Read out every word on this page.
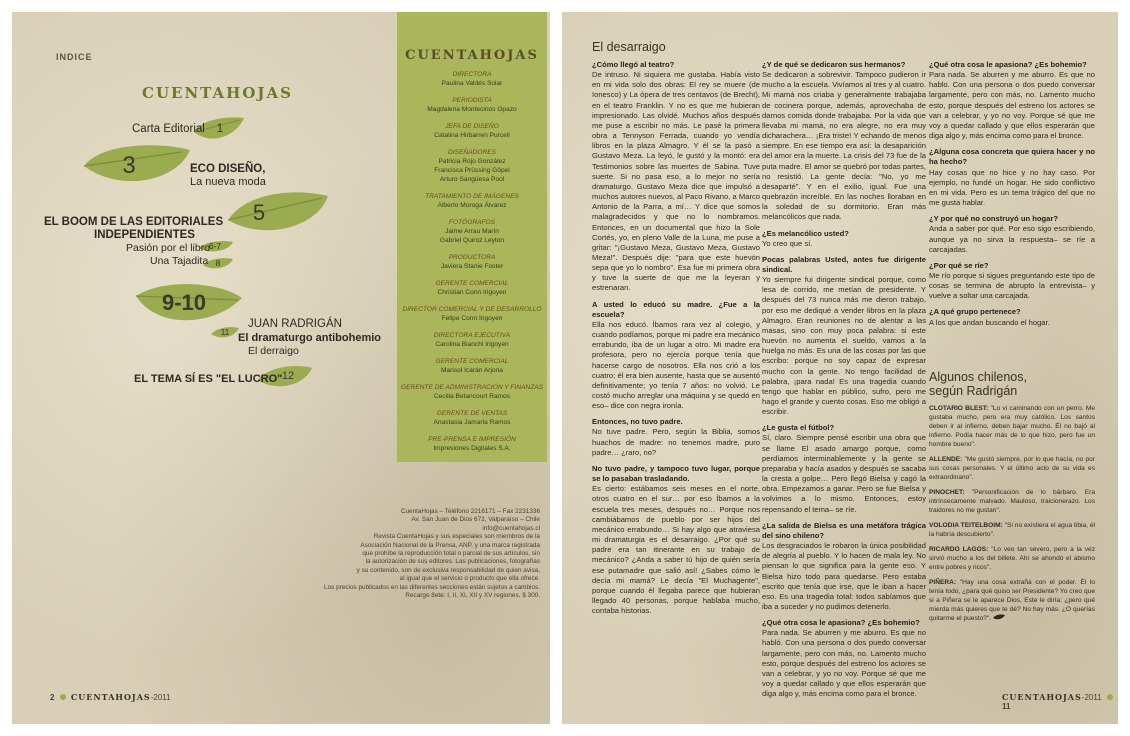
INDICE
CUENTAHOJAS
1
Carta Editorial
3	ECO DISEÑO,
La nueva moda
5
EL BOOM DE LAS EDITORIALES
INDEPENDIENTES
6-7
Pasión por el libro
8
Una Tajadita
9-10
JUAN RADRIGÁN
El dramaturgo antibohemio
11
El derraigo
12
EL TEMA SÍ ES "EL LUCRO"
CUENTAHOJAS
DIRECTORA
Paulina Valdés Solar
PERIODISTA
Magdalena Montecinos Opazo
JEFA DE DISEÑO
Catalina Hirbarren Purcell
DISEÑADORES
Patricia Rojo González
Francisca Prüssing Göpel
Arturo Sangüesa Pool
TRATAMIENTO DE IMÁGENES
Alberto Moroga Álvarez
FOTÓGRAFOS
Jaime Arrau Marín
Gabriel Quiroz Leyton
PRODUCTORA
Javiera Stanie Foster
GERENTE COMERCIAL
Christian Conn Irigoyen
DIRECTOR COMERCIAL Y DE DESARROLLO
Felipe Conn Irigoyen
DIRECTORA EJECUTIVA
Carolina Bianchi Irigoyen
GERENTE COMERCIAL
Marisol Icarán Arjona
GERENTE DE ADMINISTRACIÓN Y FINANZAS
Cecilia Betancourt Ramos
GERENTE DE VENTAS
Anastasia Jamarla Ramos
PRE-PRENSA E IMPRESIÓN
Impresiones Digitales S.A.
CuentaHojas – Teléfono 2216171 – Fax 2231336
Av. San Juan de Dios 672, Valparaíso – Chile
info@cuentahojas.cl
Revista CuentaHojas y sus especiales son miembros de la
Asociación Nacional de la Prensa, ANP, y una marca registrada
que prohíbe la reproducción total o parcial de sus artículos, sin
la autorización de sus editores. Las publicaciones, fotografías
y su contenido, son de exclusiva responsabilidad de quien avisa,
al igual que el servicio o producto que ella ofrece.
Los precios publicados en las diferentes secciones están sujetos a cambios.
Recargo 8ete: I, II, XI, XII y XV regiones, $ 300.
2 CUENTAHOJAS-2011
El desarraigo
¿Cómo llegó al teatro?
De intruso. Ni siquiera me gustaba. Había visto en mi vida solo dos obras: El rey se muere (de Ionesco) y La ópera de tres centavos (de Brecht), en el teatro Franklin. Y no es que me hubieran impresionado. Las olvidé. Muchos años después me puse a escribir no más. Le pasé la primera obra a Tennyson Ferrada, cuando yo vendía libros en la plaza Almagro. Y él se la pasó a Gustavo Meza. La leyó, le gustó y la montó: era Testimonios sobre las muertes de Sabina. Tuve suerte. Si no pasa eso, a lo mejor no sería dramaturgo. Gustavo Meza dice que impulsó a muchos autores nuevos, al Paco Rivano, a Marco Antonio de la Parra, a mí… Y dice que somos malagradecidos y que no lo nombramos. Entonces, en un documental que hizo la Sole Cortés, yo, en pleno Valle de la Luna, me puse a gritar: "¡Gustavo Meza, Gustavo Meza, Gustavo Meza!". Después dije: "para que este huevón sepa que yo lo nombro". Esa fue mi primera obra y tuve la suerte de que me la leyeran y estrenaran.
A usted lo educó su madre. ¿Fue a la escuela?
Ella nos educó. Íbamos rara vez al colegio, y cuando podíamos, porque mi padre era mecánico errabundo, iba de un lugar a otro. Mi madre era profesora, pero no ejercía porque tenía que hacerse cargo de nosotros. Ella nos crió a los cuatro; él era bien ausente, hasta que se ausentó definitivamente; yo tenía 7 años: no volvió. Le costó mucho arreglar una máquina y se quedó en eso– dice con negra ironía.
Entonces, no tuvo padre.
No tuve padre. Pero, según la Biblia, somos huachos de madre: no tenemos madre, puro padre… ¿raro, no?
No tuvo padre, y tampoco tuvo lugar, porque se lo pasaban trasladando.
Es cierto: estábamos seis meses en el norte, otros cuatro en el sur… por eso Íbamos a la escuela tres meses, después no… Porque nos cambiábamos de pueblo por ser hijos del mecánico errabundo… Si hay algo que atraviesa mi dramaturgia es el desarraigo. ¿Por qué su padre era tan itinerante en su trabajo de mecánico? ¿Anda a saber tú hijo de quién sería ese putamadre que salió así! ¿Sabes cómo le decía mi mamá? Le decía "El Muchagente", porque cuando él llegaba parece que hubieran llegado 40 personas, porque hablaba mucho, contaba historias.
¿Y de qué se dedicaron sus hermanos?
Se dedicaron a sobrevivir. Tampoco pudieron ir mucho a la escuela. Vivíamos al tres y al cuatro. Mi mamá nos criaba y generalmente trabajaba de cocinera porque, además, aprovechaba de darnos comida donde trabajaba. Por la vida que llevaba mi mamá, no era alegre, no era muy dicharachera… ¡Era triste! Y echando de menos siempre. En ese tiempo era así: la desaparición del amor era la muerte. La crisis del 73 fue de la puta madre. El amor se quebró por todas partes, no resistió. La gente decía: "No, yo me desaparté". Y en el exilio, igual. Fue una quebrazón increíble. En las noches lloraban en la soledad de su dormitorio. Eran más melancólicos que nada.
¿Es melancólico usted?
Yo creo que sí.
Pocas palabras Usted, antes fue dirigente sindical.
Yo siempre fui dirigente sindical porque, como lesa de corrido, me metían de presidente. Y después del 73 nunca más me dieron trabajo, por eso me dediqué a vender libros en la plaza Almagro. Eran reuniones no de alentar a las masas, sino con muy poca palabra: si este huevón no aumenta el sueldo, vamos a la huelga no más. Es una de las cosas por las que escribo: porque no soy capaz de expresar mucho con la gente. No tengo facilidad de palabra, ¡para nada! Es una tragedia cuando tengo que hablar en público, sufro, pero me hago el grande y cuento cosas. Eso me obligó a escribir.
¿Le gusta el fútbol?
Sí, claro. Siempre pensé escribir una obra que se llame El asado amargo porque, como perdíamos interminablemente y la gente se preparaba y hacía asados y después se sacaba la cresta a golpe… Pero llegó Bielsa y cagó la obra. Empezamos a ganar. Pero se fue Bielsa y volvimos a lo mismo. Entonces, estoy repensando el tema– se ríe.
¿La salida de Bielsa es una metáfora trágica del sino chileno?
Los desgraciados le robaron la única posibilidad de alegría al pueblo. Y lo hacen de mala ley. No piensan lo que significa para la gente eso. Y Bielsa hizo todo para quedarse. Pero estaba escrito que tenía que irse, que le iban a hacer eso. Es una tragedia total: todos sabíamos que iba a suceder y no pudimos detenerlo.
¿Qué otra cosa le apasiona? ¿Es bohemio?
Para nada. Se aburren y me aburro. Es que no habló. Con una persona o dos puedo conversar largamente, pero con más, no. Lamento mucho esto, porque después del estreno los actores se van a celebrar, y yo no voy. Porque sé que me voy a quedar callado y que ellos esperarán que diga algo y, más encima como para el bronce.
¿Qué otra cosa le apasiona? ¿Es bohemio?
Para nada. Se aburren y me aburro. Es que no hablo. Con una persona o dos puedo conversar largamente, pero con más, no. Lamento mucho esto, porque después del estreno los actores se van a celebrar, y yo no voy. Porque sé que me voy a quedar callado y que ellos esperarán que diga algo y, más encima como para el bronce.
¿Alguna cosa concreta que quiera hacer y no ha hecho?
Hay cosas que no hice y no hay caso. Por ejemplo, no fundé un hogar. He sido conflictivo en mi vida. Pero es un tema trágico del que no me gusta hablar.
¿Y por qué no construyó un hogar?
Anda a saber por qué. Por eso sigo escribiendo, aunque ya no sirva la respuesta– se ríe a carcajadas.
¿Por qué se ríe?
Me río porque si sigues preguntando este tipo de cosas se termina de abrupto la entrevista– y vuelve a soltar una carcajada.
¿A qué grupo pertenece?
A los que andan buscando el hogar.
Algunos chilenos,
según Radrigán
CLOTARIO BLEST: "Lo vi caminando con un perro. Me gustaba mucho, pero era muy católico. Los santos deben ir al infierno, deben bajar mucho. Él no bajó al infierno. Podía hacer más de lo que hizo, pero fue un hombre bueno".
ALLENDE: "Me gustó siempre, por lo que hacía, no por sus cosas personales. Y el último acto de su vida es extraordinario".
PINOCHET: "Personificación de lo bárbaro. Era intrínsecamente malvado. Mauloso, traicionerazo. Los traidores no me gustan".
VOLODIA TEITELBOIM: "Si no existiera el agua tibia, él la habría descubierto".
RICARDO LAGOS: "Lo veo tan severo, pero a la vez sirvió mucho a los del billete. Ahí se ahondó el abismo entre pobres y ricos".
PIÑERA: "Hay una cosa extraña con el poder. Él lo tenía todo, ¿para qué quiso ser Presidente? Yo creo que si a Piñera se le aparece Dios, Este le diría: ¿pero qué mierda más quieres que te dé? No hay más. ¿O querías quitarme el puesto?".
CUENTAHOJAS-2011  11
